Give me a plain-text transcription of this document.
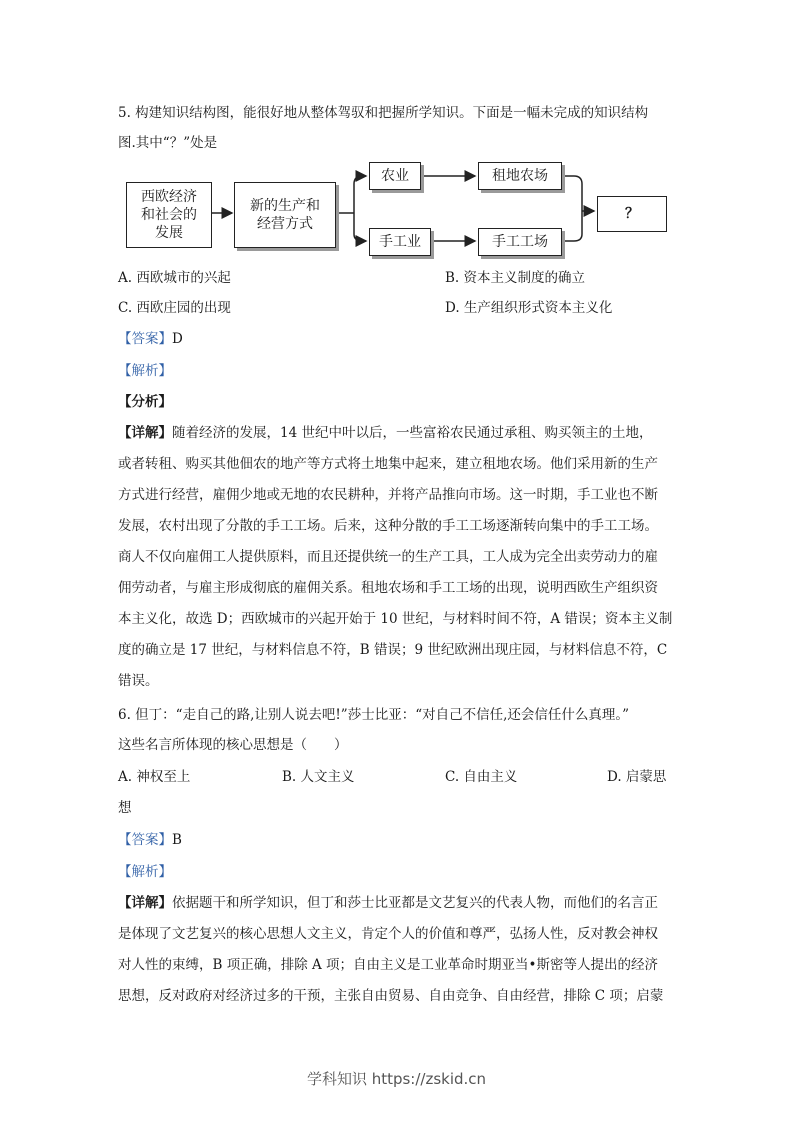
5. 构建知识结构图，能很好地从整体驾驭和把握所学知识。下面是一幅未完成的知识结构
图.其中“？”处是
西欧经济
和社会的
发展
新的生产和
经营方式
农业	租地农场
手工业	手工工场
？
A. 西欧城市的兴起	B. 资本主义制度的确立
C. 西欧庄园的出现	D. 生产组织形式资本主义化
【答案】D
【解析】
【分析】
【详解】随着经济的发展，14 世纪中叶以后，一些富裕农民通过承租、购买领主的土地，
或者转租、购买其他佃农的地产等方式将土地集中起来，建立租地农场。他们采用新的生产
方式进行经营，雇佣少地或无地的农民耕种，并将产品推向市场。这一时期，手工业也不断
发展，农村出现了分散的手工工场。后来，这种分散的手工工场逐渐转向集中的手工工场。
商人不仅向雇佣工人提供原料，而且还提供统一的生产工具，工人成为完全出卖劳动力的雇
佣劳动者，与雇主形成彻底的雇佣关系。租地农场和手工工场的出现，说明西欧生产组织资
本主义化，故选 D；西欧城市的兴起开始于 10 世纪，与材料时间不符，A 错误；资本主义制
度的确立是 17 世纪，与材料信息不符，B 错误；9 世纪欧洲出现庄园，与材料信息不符，C
错误。
6. 但丁：“走自己的路,让别人说去吧!”莎士比亚：“对自己不信任,还会信任什么真理。”
这些名言所体现的核心思想是（　　）
A. 神权至上	B. 人文主义	C. 自由主义	D. 启蒙思
想
【答案】B
【解析】
【详解】依据题干和所学知识，但丁和莎士比亚都是文艺复兴的代表人物，而他们的名言正
是体现了文艺复兴的核心思想人文主义，肯定个人的价值和尊严，弘扬人性，反对教会神权
对人性的束缚，B 项正确，排除 A 项；自由主义是工业革命时期亚当•斯密等人提出的经济
思想，反对政府对经济过多的干预，主张自由贸易、自由竞争、自由经营，排除 C 项；启蒙
学科知识 https://zskid.cn
